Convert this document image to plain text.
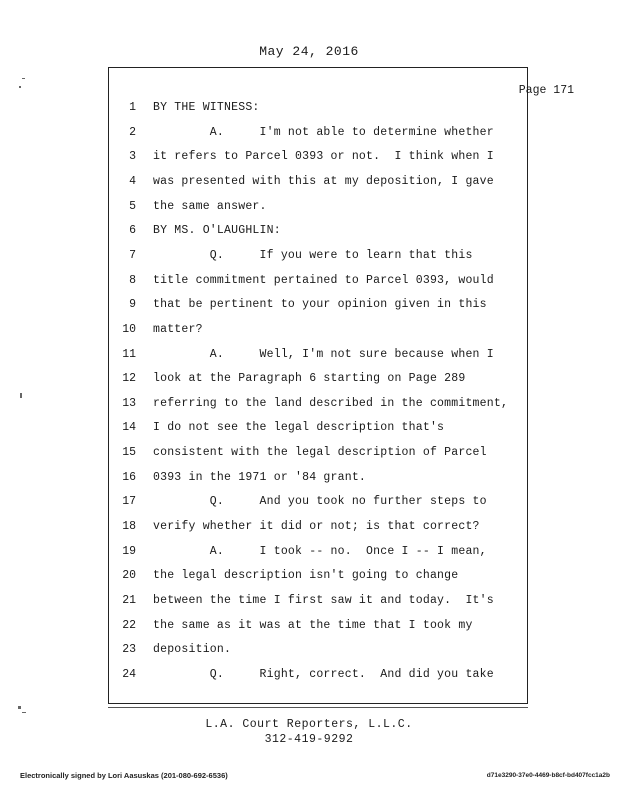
May 24, 2016
Page 171
1 BY THE WITNESS:
2 A.     I'm not able to determine whether
3 it refers to Parcel 0393 or not.  I think when I
4 was presented with this at my deposition, I gave
5 the same answer.
6 BY MS. O'LAUGHLIN:
7 Q.     If you were to learn that this
8 title commitment pertained to Parcel 0393, would
9 that be pertinent to your opinion given in this
10 matter?
11 A.     Well, I'm not sure because when I
12 look at the Paragraph 6 starting on Page 289
13 referring to the land described in the commitment,
14 I do not see the legal description that's
15 consistent with the legal description of Parcel
16 0393 in the 1971 or '84 grant.
17 Q.     And you took no further steps to
18 verify whether it did or not; is that correct?
19 A.     I took -- no.  Once I -- I mean,
20 the legal description isn't going to change
21 between the time I first saw it and today.  It's
22 the same as it was at the time that I took my
23 deposition.
24 Q.     Right, correct.  And did you take
L.A. Court Reporters, L.L.C.
312-419-9292
Electronically signed by Lori Aasuskas (201-080-692-6536)	d71e3290-37e0-4469-b8cf-bd407fcc1a2b
